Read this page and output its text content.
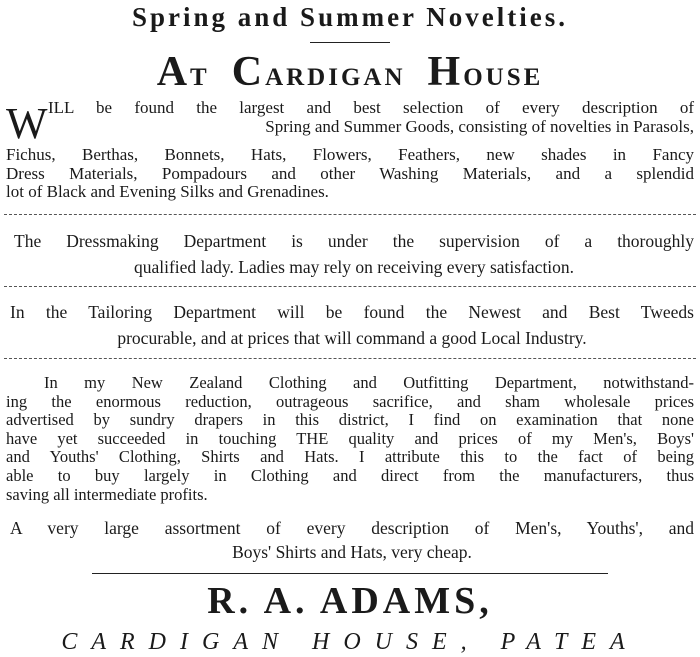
Spring and Summer Novelties.
AT CARDIGAN HOUSE
W ILL be found the largest and best selection of every description of
Spring and Summer Goods, consisting of novelties in Parasols,
Fichus, Berthas, Bonnets, Hats, Flowers, Feathers, new shades in Fancy
Dress Materials, Pompadours and other Washing Materials, and a splendid
lot of Black and Evening Silks and Grenadines.
The Dressmaking Department is under the supervision of a thoroughly
qualified lady. Ladies may rely on receiving every satisfaction.
In the Tailoring Department will be found the Newest and Best Tweeds
procurable, and at prices that will command a good Local Industry.
In my New Zealand Clothing and Outfitting Department, notwithstand-
ing the enormous reduction, outrageous sacrifice, and sham wholesale prices
advertised by sundry drapers in this district, I find on examination that none
have yet succeeded in touching THE quality and prices of my Men's, Boys'
and Youths' Clothing, Shirts and Hats. I attribute this to the fact of being
able to buy largely in Clothing and direct from the manufacturers, thus
saving all intermediate profits.
A very large assortment of every description of Men's, Youths', and
Boys' Shirts and Hats, very cheap.
R. A. ADAMS,
CARDIGAN HOUSE, PATEA
